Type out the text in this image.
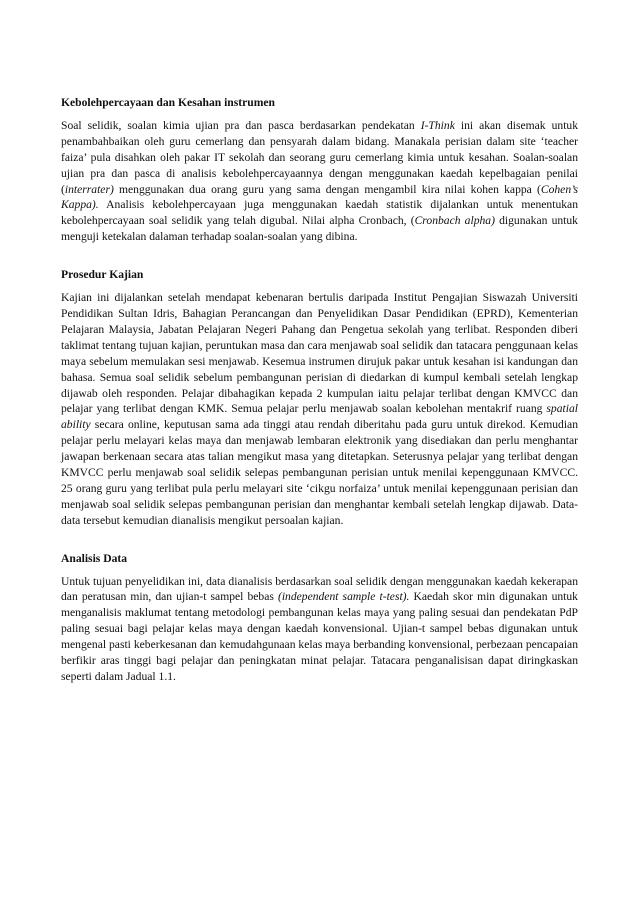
Kebolehpercayaan dan Kesahan instrumen

Soal selidik, soalan kimia ujian pra dan pasca berdasarkan pendekatan I-Think ini akan disemak untuk penambahbaikan oleh guru cemerlang dan pensyarah dalam bidang. Manakala perisian dalam site ‘teacher faiza’ pula disahkan oleh pakar IT sekolah dan seorang guru cemerlang kimia untuk kesahan. Soalan-soalan ujian pra dan pasca di analisis kebolehpercayaannya dengan menggunakan kaedah kepelbagaian penilai (interrater) menggunakan dua orang guru yang sama dengan mengambil kira nilai kohen kappa (Cohen’s Kappa). Analisis kebolehpercayaan juga menggunakan kaedah statistik dijalankan untuk menentukan kebolehpercayaan soal selidik yang telah digubal. Nilai alpha Cronbach, (Cronbach alpha) digunakan untuk menguji ketekalan dalaman terhadap soalan-soalan yang dibina.

Prosedur Kajian

Kajian ini dijalankan setelah mendapat kebenaran bertulis daripada Institut Pengajian Siswazah Universiti Pendidikan Sultan Idris, Bahagian Perancangan dan Penyelidikan Dasar Pendidikan (EPRD), Kementerian Pelajaran Malaysia, Jabatan Pelajaran Negeri Pahang dan Pengetua sekolah yang terlibat. Responden diberi taklimat tentang tujuan kajian, peruntukan masa dan cara menjawab soal selidik dan tatacara penggunaan kelas maya sebelum memulakan sesi menjawab. Kesemua instrumen dirujuk pakar untuk kesahan isi kandungan dan bahasa. Semua soal selidik sebelum pembangunan perisian di diedarkan di kumpul kembali setelah lengkap dijawab oleh responden. Pelajar dibahagikan kepada 2 kumpulan iaitu pelajar terlibat dengan KMVCC dan pelajar yang terlibat dengan KMK. Semua pelajar perlu menjawab soalan kebolehan mentakrif ruang spatial ability secara online, keputusan sama ada tinggi atau rendah diberitahu pada guru untuk direkod. Kemudian pelajar perlu melayari kelas maya dan menjawab lembaran elektronik yang disediakan dan perlu menghantar jawapan berkenaan secara atas talian mengikut masa yang ditetapkan. Seterusnya pelajar yang terlibat dengan KMVCC perlu menjawab soal selidik selepas pembangunan perisian untuk menilai kepenggunaan KMVCC. 25 orang guru yang terlibat pula perlu melayari site ‘cikgu norfaiza’ untuk menilai kepenggunaan perisian dan menjawab soal selidik selepas pembangunan perisian dan menghantar kembali setelah lengkap dijawab. Data-data tersebut kemudian dianalisis mengikut persoalan kajian.

Analisis Data

Untuk tujuan penyelidikan ini, data dianalisis berdasarkan soal selidik dengan menggunakan kaedah kekerapan dan peratusan min, dan ujian-t sampel bebas (independent sample t-test). Kaedah skor min digunakan untuk menganalisis maklumat tentang metodologi pembangunan kelas maya yang paling sesuai dan pendekatan PdP paling sesuai bagi pelajar kelas maya dengan kaedah konvensional. Ujian-t sampel bebas digunakan untuk mengenal pasti keberkesanan dan kemudahgunaan kelas maya berbanding konvensional, perbezaan pencapaian berfikir aras tinggi bagi pelajar dan peningkatan minat pelajar. Tatacara penganalisisan dapat diringkaskan seperti dalam Jadual 1.1.
